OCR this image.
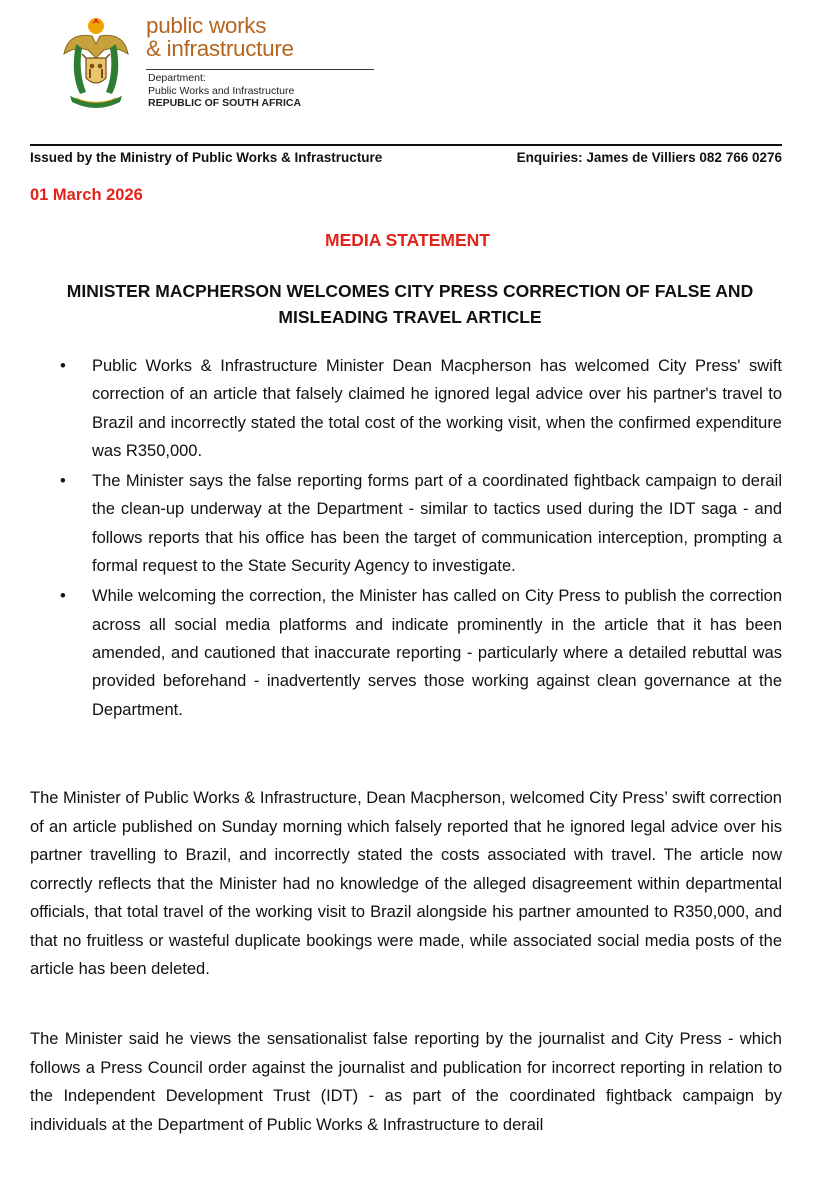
public works
& infrastructure
Department:
Public Works and Infrastructure
REPUBLIC OF SOUTH AFRICA
Issued by the Ministry of Public Works & Infrastructure	Enquiries: James de Villiers 082 766 0276
01 March 2026
MEDIA STATEMENT
MINISTER MACPHERSON WELCOMES CITY PRESS CORRECTION OF FALSE AND MISLEADING TRAVEL ARTICLE
• Public Works & Infrastructure Minister Dean Macpherson has welcomed City Press' swift correction of an article that falsely claimed he ignored legal advice over his partner's travel to Brazil and incorrectly stated the total cost of the working visit, when the confirmed expenditure was R350,000.
• The Minister says the false reporting forms part of a coordinated fightback campaign to derail the clean-up underway at the Department - similar to tactics used during the IDT saga - and follows reports that his office has been the target of communication interception, prompting a formal request to the State Security Agency to investigate.
• While welcoming the correction, the Minister has called on City Press to publish the correction across all social media platforms and indicate prominently in the article that it has been amended, and cautioned that inaccurate reporting - particularly where a detailed rebuttal was provided beforehand - inadvertently serves those working against clean governance at the Department.

The Minister of Public Works & Infrastructure, Dean Macpherson, welcomed City Press’ swift correction of an article published on Sunday morning which falsely reported that he ignored legal advice over his partner travelling to Brazil, and incorrectly stated the costs associated with travel. The article now correctly reflects that the Minister had no knowledge of the alleged disagreement within departmental officials, that total travel of the working visit to Brazil alongside his partner amounted to R350,000, and that no fruitless or wasteful duplicate bookings were made, while associated social media posts of the article has been deleted.

The Minister said he views the sensationalist false reporting by the journalist and City Press - which follows a Press Council order against the journalist and publication for incorrect reporting in relation to the Independent Development Trust (IDT) - as part of the coordinated fightback campaign by individuals at the Department of Public Works & Infrastructure to derail
